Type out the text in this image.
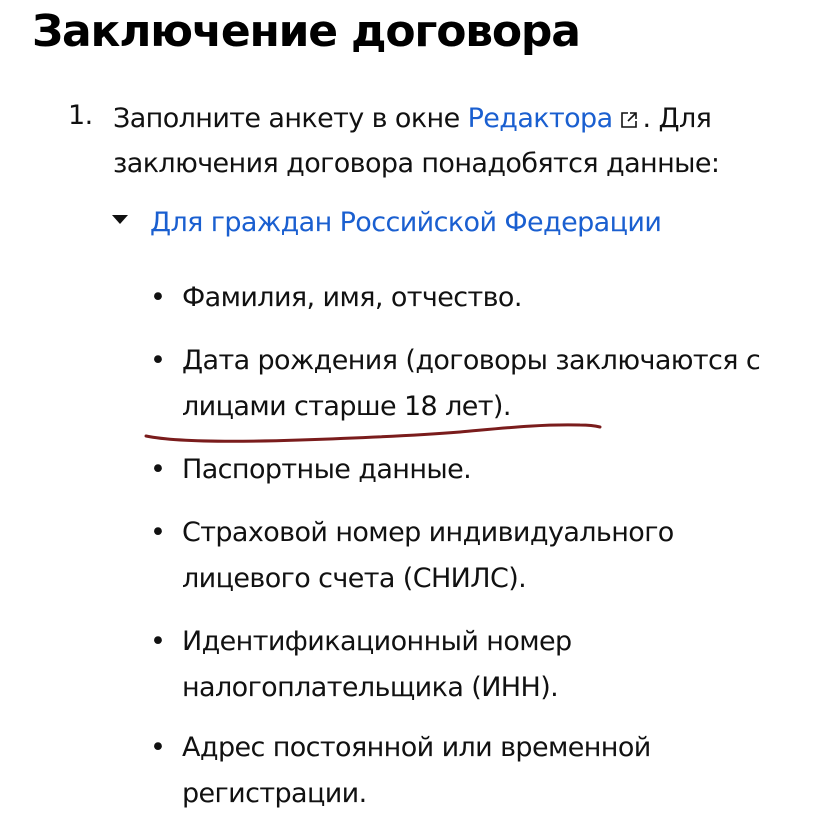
Заключение договора
1. Заполните анкету в окне Редактора . Для заключения договора понадобятся данные:
Для граждан Российской Федерации
• Фамилия, имя, отчество.
• Дата рождения (договоры заключаются с лицами старше 18 лет).
• Паспортные данные.
• Страховой номер индивидуального лицевого счета (СНИЛС).
• Идентификационный номер налогоплательщика (ИНН).
• Адрес постоянной или временной регистрации.
